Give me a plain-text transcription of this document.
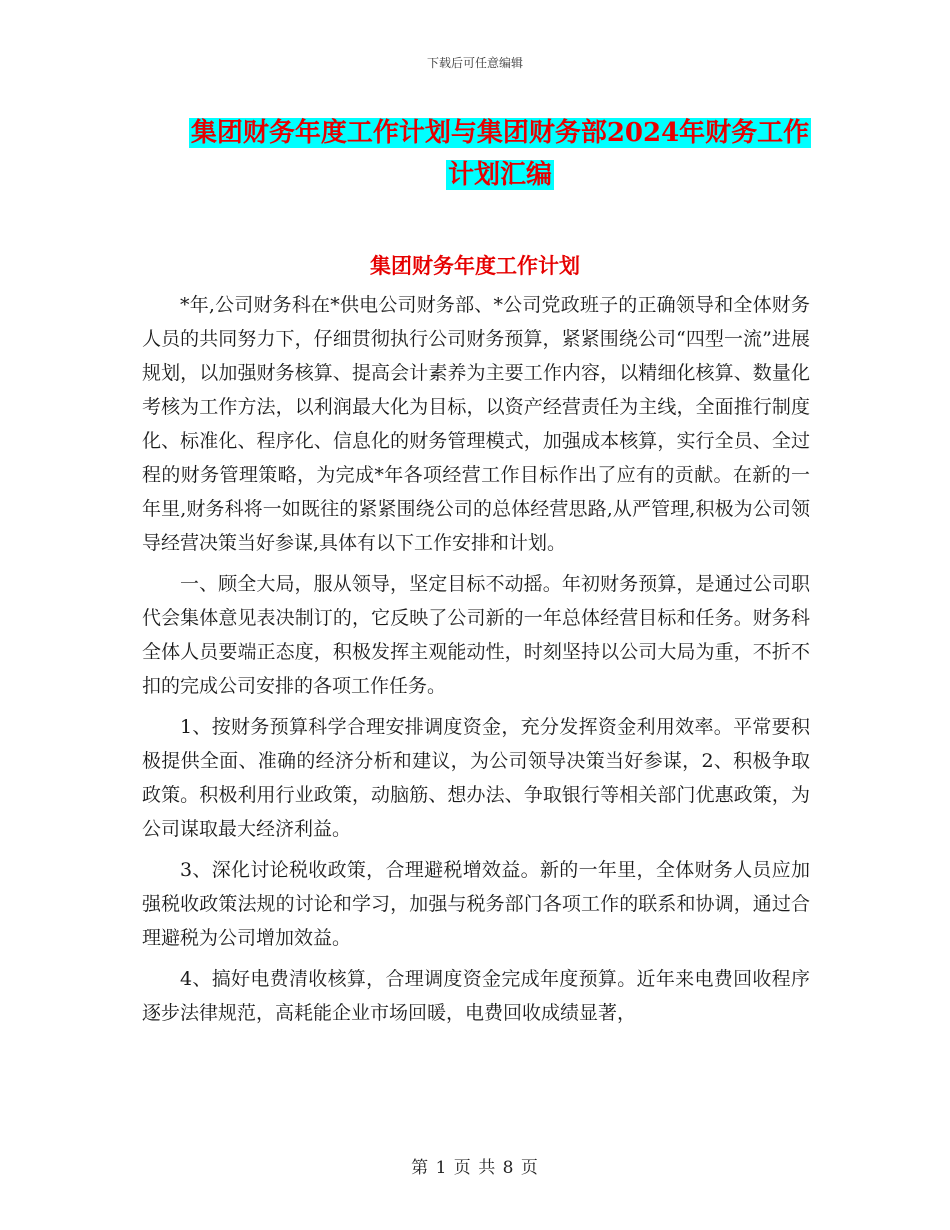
下载后可任意编辑
集团财务年度工作计划与集团财务部2024年财务工作
计划汇编
集团财务年度工作计划

*年,公司财务科在*供电公司财务部、*公司党政班子的正确领导和全体财务人员的共同努力下，仔细贯彻执行公司财务预算，紧紧围绕公司“四型一流”进展规划，以加强财务核算、提高会计素养为主要工作内容，以精细化核算、数量化考核为工作方法，以利润最大化为目标，以资产经营责任为主线，全面推行制度化、标准化、程序化、信息化的财务管理模式，加强成本核算，实行全员、全过程的财务管理策略，为完成*年各项经营工作目标作出了应有的贡献。在新的一年里,财务科将一如既往的紧紧围绕公司的总体经营思路,从严管理,积极为公司领导经营决策当好参谋,具体有以下工作安排和计划。

一、顾全大局，服从领导，坚定目标不动摇。年初财务预算，是通过公司职代会集体意见表决制订的，它反映了公司新的一年总体经营目标和任务。财务科全体人员要端正态度，积极发挥主观能动性，时刻坚持以公司大局为重，不折不扣的完成公司安排的各项工作任务。

1、按财务预算科学合理安排调度资金，充分发挥资金利用效率。平常要积极提供全面、准确的经济分析和建议，为公司领导决策当好参谋，2、积极争取政策。积极利用行业政策，动脑筋、想办法、争取银行等相关部门优惠政策，为公司谋取最大经济利益。

3、深化讨论税收政策，合理避税增效益。新的一年里，全体财务人员应加强税收政策法规的讨论和学习，加强与税务部门各项工作的联系和协调，通过合理避税为公司增加效益。

4、搞好电费清收核算，合理调度资金完成年度预算。近年来电费回收程序逐步法律规范，高耗能企业市场回暖，电费回收成绩显著，

第 1 页 共 8 页
